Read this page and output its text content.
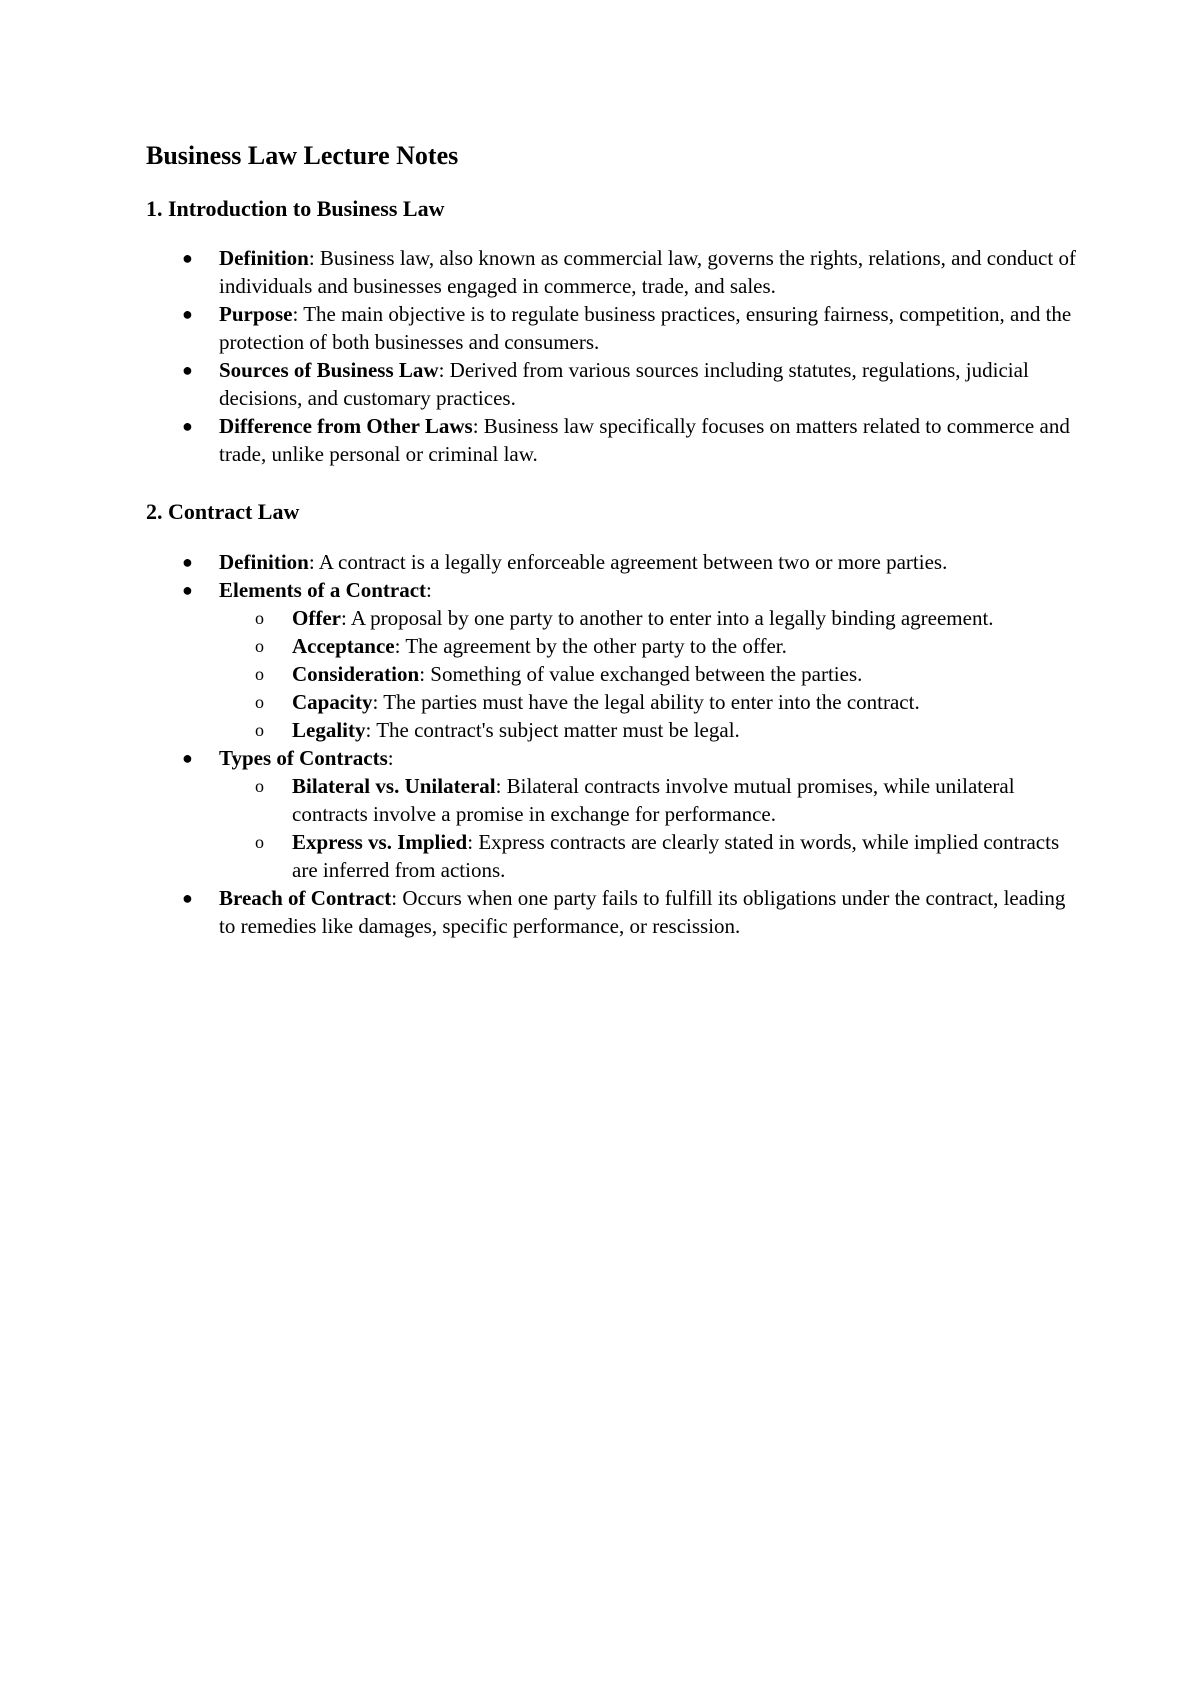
Business Law Lecture Notes
1. Introduction to Business Law
● Definition: Business law, also known as commercial law, governs the rights, relations, and conduct of individuals and businesses engaged in commerce, trade, and sales.
● Purpose: The main objective is to regulate business practices, ensuring fairness, competition, and the protection of both businesses and consumers.
● Sources of Business Law: Derived from various sources including statutes, regulations, judicial decisions, and customary practices.
● Difference from Other Laws: Business law specifically focuses on matters related to commerce and trade, unlike personal or criminal law.
2. Contract Law
● Definition: A contract is a legally enforceable agreement between two or more parties.
● Elements of a Contract:
o Offer: A proposal by one party to another to enter into a legally binding agreement.
o Acceptance: The agreement by the other party to the offer.
o Consideration: Something of value exchanged between the parties.
o Capacity: The parties must have the legal ability to enter into the contract.
o Legality: The contract's subject matter must be legal.
● Types of Contracts:
o Bilateral vs. Unilateral: Bilateral contracts involve mutual promises, while unilateral contracts involve a promise in exchange for performance.
o Express vs. Implied: Express contracts are clearly stated in words, while implied contracts are inferred from actions.
● Breach of Contract: Occurs when one party fails to fulfill its obligations under the contract, leading to remedies like damages, specific performance, or rescission.
